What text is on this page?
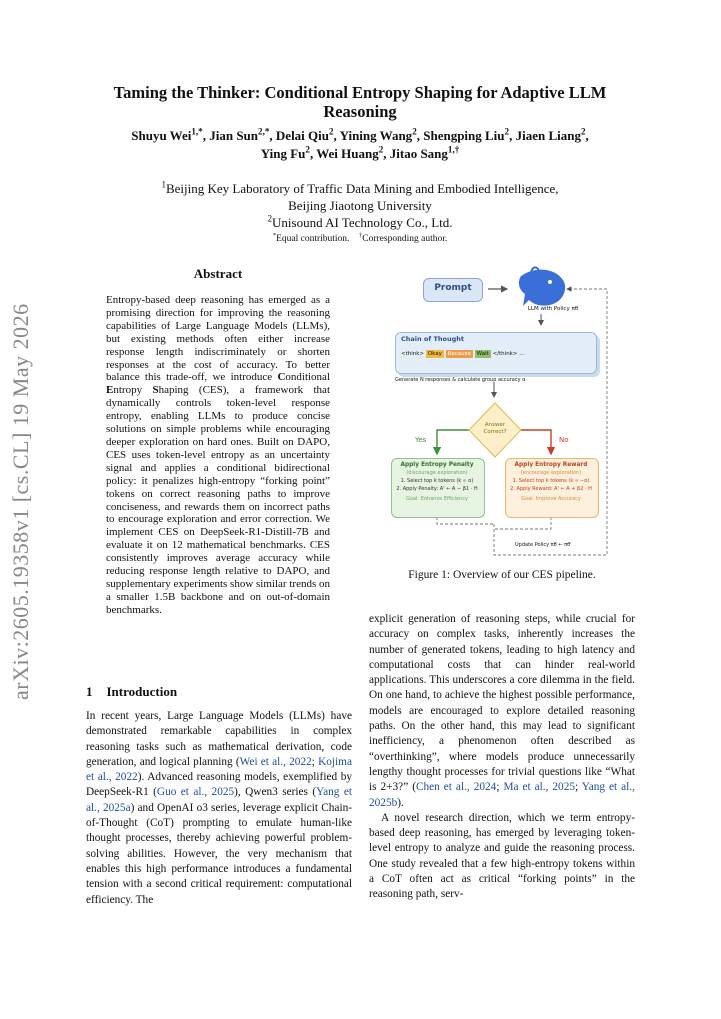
arXiv:2605.19358v1 [cs.CL] 19 May 2026
Taming the Thinker: Conditional Entropy Shaping for Adaptive LLM Reasoning
Shuyu Wei$^{1,*}$, Jian Sun$^{2,*}$, Delai Qiu$^2$, Yining Wang$^2$, Shengping Liu$^2$, Jiaen Liang$^2$,
Ying Fu$^2$, Wei Huang$^2$, Jitao Sang$^{1,\dagger}$
$^1$Beijing Key Laboratory of Traffic Data Mining and Embodied Intelligence,
Beijing Jiaotong University
$^2$Unisound AI Technology Co., Ltd.
*Equal contribution. †Corresponding author.
Abstract
Entropy-based deep reasoning has emerged as a promising direction for improving the reasoning capabilities of Large Language Models (LLMs), but existing methods often either increase response length indiscriminately or shorten responses at the cost of accuracy. To better balance this trade-off, we introduce Conditional Entropy Shaping (CES), a framework that dynamically controls token-level response entropy, enabling LLMs to produce concise solutions on simple problems while encouraging deeper exploration on hard ones. Built on DAPO, CES uses token-level entropy as an uncertainty signal and applies a conditional bidirectional policy: it penalizes high-entropy “forking point” tokens on correct reasoning paths to improve conciseness, and rewards them on incorrect paths to encourage exploration and error correction. We implement CES on DeepSeek-R1-Distill-7B and evaluate it on 12 mathematical benchmarks. CES consistently improves average accuracy while reducing response length relative to DAPO, and supplementary experiments show similar trends on a smaller 1.5B backbone and on out-of-domain benchmarks.
1 Introduction
In recent years, Large Language Models (LLMs) have demonstrated remarkable capabilities in complex reasoning tasks such as mathematical derivation, code generation, and logical planning (Wei et al., 2022; Kojima et al., 2022). Advanced reasoning models, exemplified by DeepSeek-R1 (Guo et al., 2025), Qwen3 series (Yang et al., 2025a) and OpenAI o3 series, leverage explicit Chain-of-Thought (CoT) prompting to emulate human-like thought processes, thereby achieving powerful problem-solving abilities. However, the very mechanism that enables this high performance introduces a fundamental tension with a second critical requirement: computational efficiency. The
explicit generation of reasoning steps, while crucial for accuracy on complex tasks, inherently increases the number of generated tokens, leading to high latency and computational costs that can hinder real-world applications. This underscores a core dilemma in the field. On one hand, to achieve the highest possible performance, models are encouraged to explore detailed reasoning paths. On the other hand, this may lead to significant inefficiency, a phenomenon often described as “overthinking”, where models produce unnecessarily lengthy thought processes for trivial questions like “What is 2+3?” (Chen et al., 2024; Ma et al., 2025; Yang et al., 2025b).
A novel research direction, which we term entropy-based deep reasoning, has emerged by leveraging token-level entropy to analyze and guide the reasoning process. One study revealed that a few high-entropy tokens within a CoT often act as critical “forking points” in the reasoning path, serv-
Prompt
LLM with Policy πθ
Chain of Thought
<think> Okay Because Wait </think> ...
Generate N responses & calculate group accuracy α
Answer Correct?
Yes	No
Apply Entropy Penalty
(discourage exploration)
1. Select top k tokens (k ∝ α)
2. Apply Penalty: A' ← A − β1 · H
Goal: Enhance Efficiency
Apply Entropy Reward
(encourage exploration)
1. Select top k tokens (k ∝ −α)
2. Apply Reward: A' ← A + β2 · H
Goal: Improve Accuracy
Update Policy πθ ← πθ'
Figure 1: Overview of our CES pipeline.
